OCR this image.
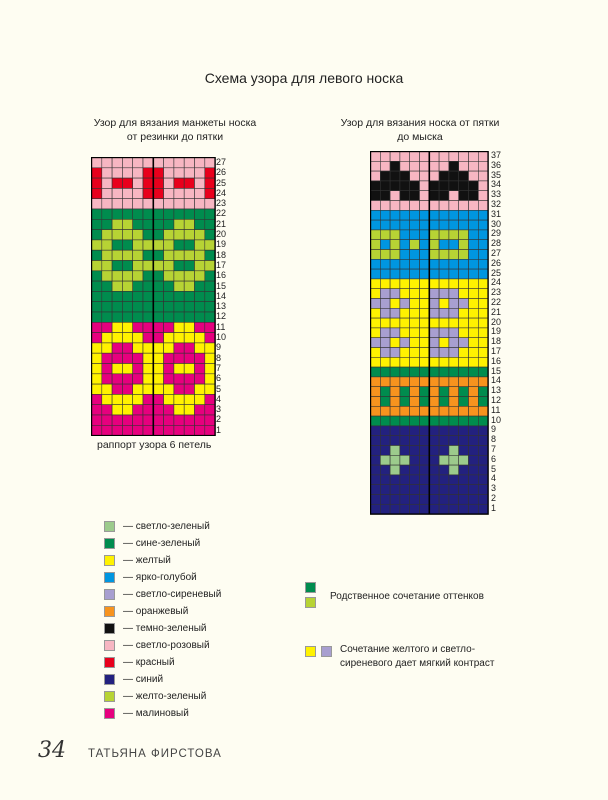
Схема узора для левого носка
Узор для вязания манжеты носка
от резинки до пятки
Узор для вязания носка от пятки
до мыска
27
26
25
24
23
22
21
20
19
18
17
16
15
14
13
12
11
10
9
8
7
6
5
4
3
2
1
37
36
35
34
33
32
31
30
29
28
27
26
25
24
23
22
21
20
19
18
17
16
15
14
13
12
11
10
9
8
7
6
5
4
3
2
1
раппорт узора 6 петель
— светло-зеленый
— сине-зеленый
— желтый
— ярко-голубой
— светло-сиреневый
— оранжевый
— темно-зеленый
— светло-розовый
— красный
— синий
— желто-зеленый
— малиновый
Родственное сочетание оттенков
Сочетание желтого и светло-
сиреневого дает мягкий контраст
34 ТАТЬЯНА ФИРСТОВА
